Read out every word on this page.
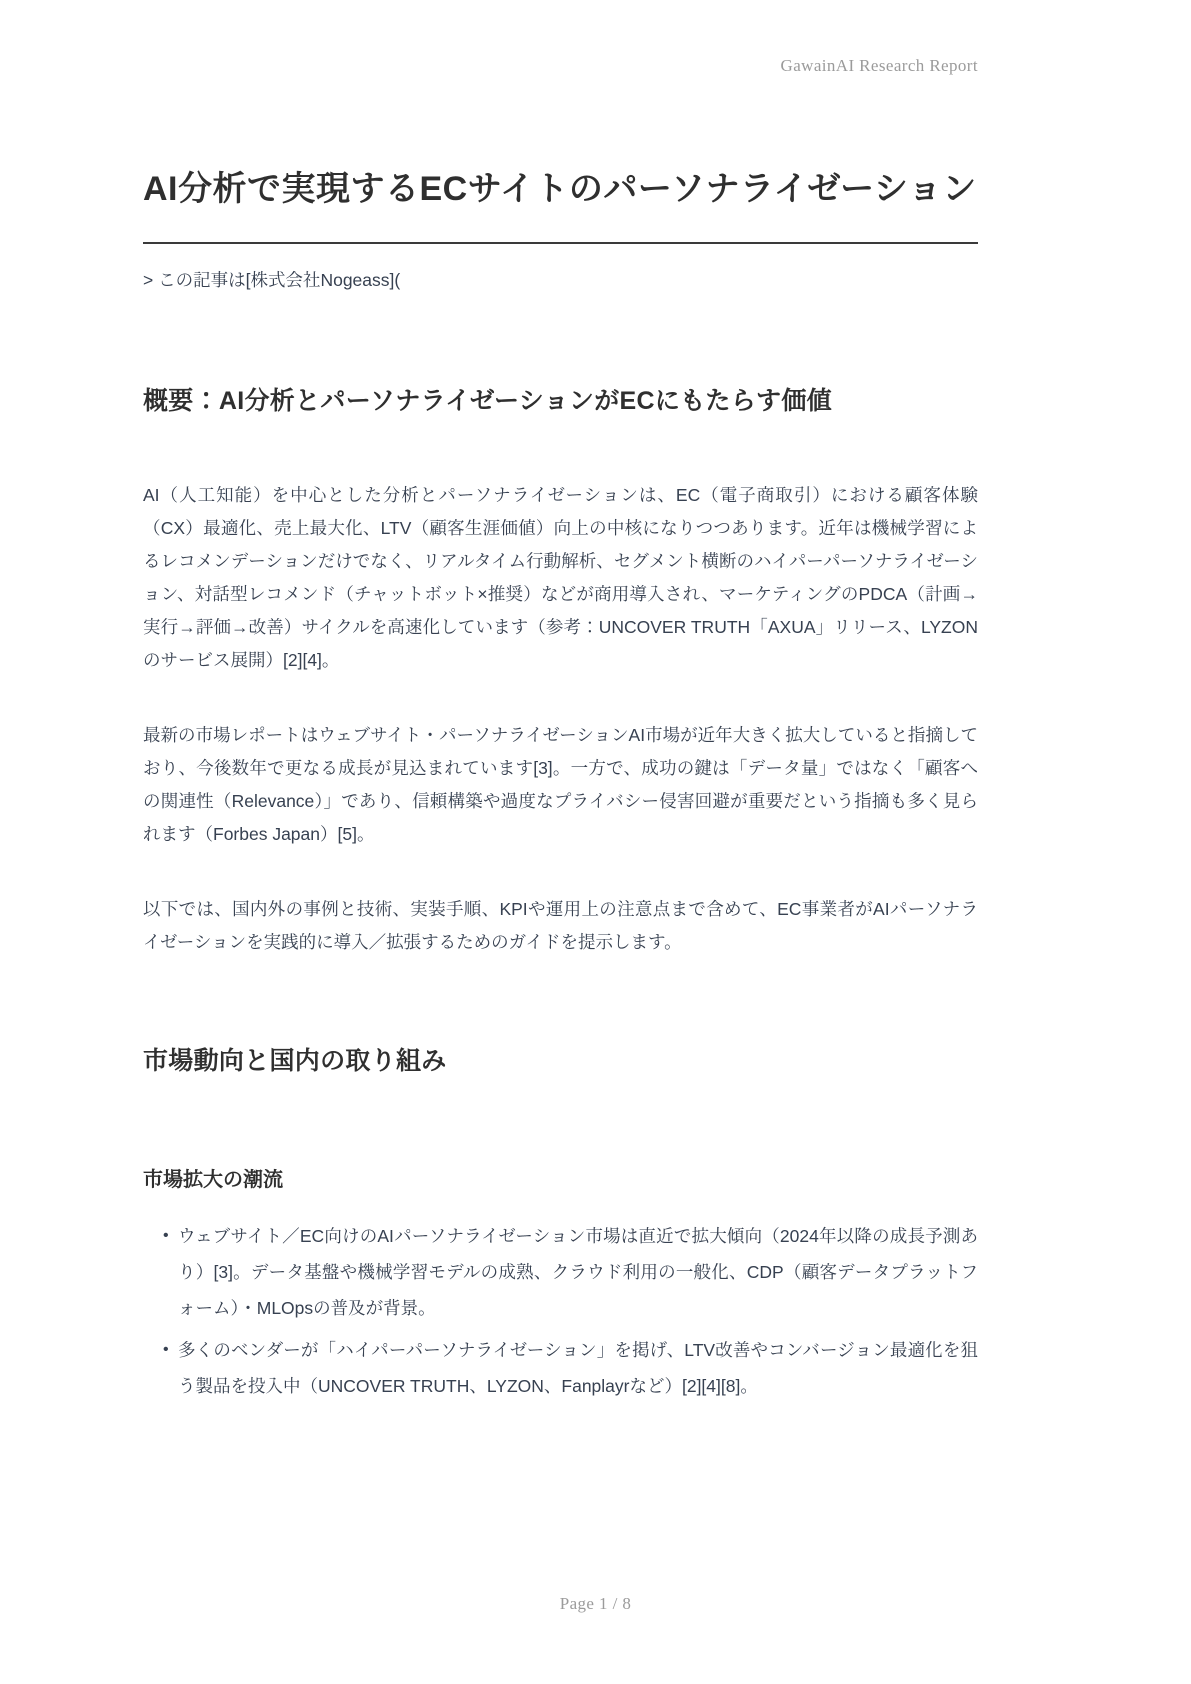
GawainAI Research Report
AI分析で実現するECサイトのパーソナライゼーション

> この記事は[株式会社Nogeass](

概要：AI分析とパーソナライゼーションがECにもたらす価値

AI（人工知能）を中心とした分析とパーソナライゼーションは、EC（電子商取引）における顧客体験（CX）最適化、売上最大化、LTV（顧客生涯価値）向上の中核になりつつあります。近年は機械学習によるレコメンデーションだけでなく、リアルタイム行動解析、セグメント横断のハイパーパーソナライゼーション、対話型レコメンド（チャットボット×推奨）などが商用導入され、マーケティングのPDCA（計画→実行→評価→改善）サイクルを高速化しています（参考：UNCOVER TRUTH「AXUA」リリース、LYZONのサービス展開）[2][4]。

最新の市場レポートはウェブサイト・パーソナライゼーションAI市場が近年大きく拡大していると指摘しており、今後数年で更なる成長が見込まれています[3]。一方で、成功の鍵は「データ量」ではなく「顧客への関連性（Relevance）」であり、信頼構築や過度なプライバシー侵害回避が重要だという指摘も多く見られます（Forbes Japan）[5]。

以下では、国内外の事例と技術、実装手順、KPIや運用上の注意点まで含めて、EC事業者がAIパーソナライゼーションを実践的に導入／拡張するためのガイドを提示します。

市場動向と国内の取り組み
市場拡大の潮流
• ウェブサイト／EC向けのAIパーソナライゼーション市場は直近で拡大傾向（2024年以降の成長予測あり）[3]。データ基盤や機械学習モデルの成熟、クラウド利用の一般化、CDP（顧客データプラットフォーム）・MLOpsの普及が背景。
• 多くのベンダーが「ハイパーパーソナライゼーション」を掲げ、LTV改善やコンバージョン最適化を狙う製品を投入中（UNCOVER TRUTH、LYZON、Fanplayrなど）[2][4][8]。
Page 1 / 8
